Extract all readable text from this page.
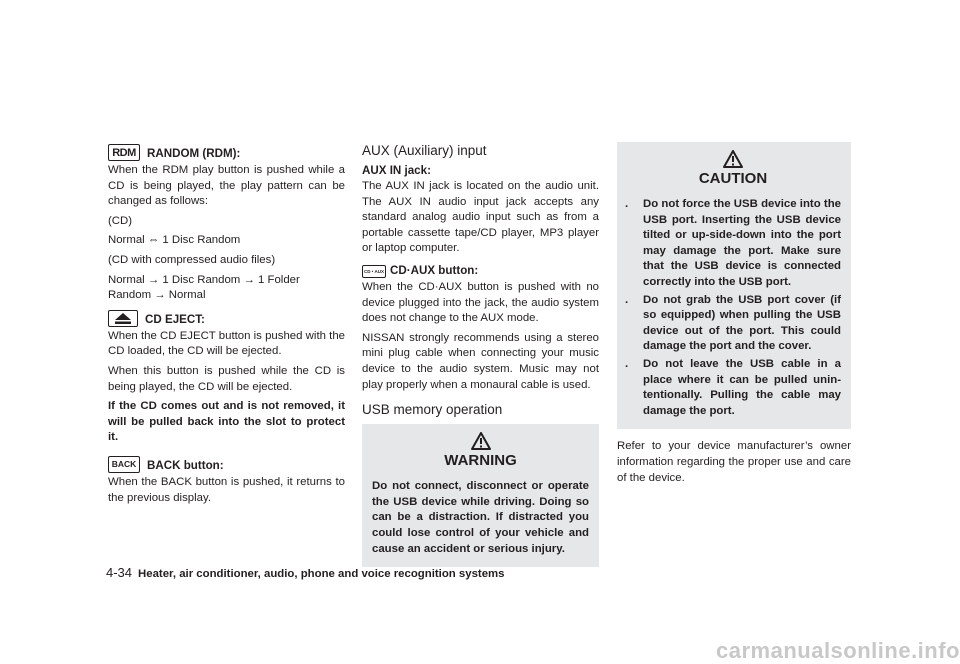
RDM RANDOM (RDM):

When the RDM play button is pushed while a CD is being played, the play pattern can be changed as follows:

(CD)

Normal ⇔ 1 Disc Random

(CD with compressed audio files)

Normal → 1 Disc Random → 1 Folder Random → Normal

CD EJECT:

When the CD EJECT button is pushed with the CD loaded, the CD will be ejected.

When this button is pushed while the CD is being played, the CD will be ejected.

If the CD comes out and is not removed, it will be pulled back into the slot to protect it.

BACK BACK button:

When the BACK button is pushed, it returns to the previous display.

AUX (Auxiliary) input

AUX IN jack:

The AUX IN jack is located on the audio unit. The AUX IN audio input jack accepts any standard analog audio input such as from a portable cassette tape/CD player, MP3 player or laptop computer.

CD • AUX CD·AUX button:

When the CD·AUX button is pushed with no device plugged into the jack, the audio system does not change to the AUX mode.

NISSAN strongly recommends using a stereo mini plug cable when connecting your music device to the audio system. Music may not play properly when a monaural cable is used.

USB memory operation
WARNING

Do not connect, disconnect or operate the USB device while driving. Doing so can be a distraction. If distracted you could lose control of your vehicle and cause an accident or serious injury.

CAUTION
.	Do not force the USB device into the USB port. Inserting the USB device tilted or up-side-down into the port may damage the port. Make sure that the USB device is connected correctly into the USB port.
.	Do not grab the USB port cover (if so equipped) when pulling the USB device out of the port. This could damage the port and the cover.
.	Do not leave the USB cable in a place where it can be pulled unin-tentionally. Pulling the cable may damage the port.

Refer to your device manufacturer’s owner information regarding the proper use and care of the device.

4-34 Heater, air conditioner, audio, phone and voice recognition systems
carmanualsonline.info
